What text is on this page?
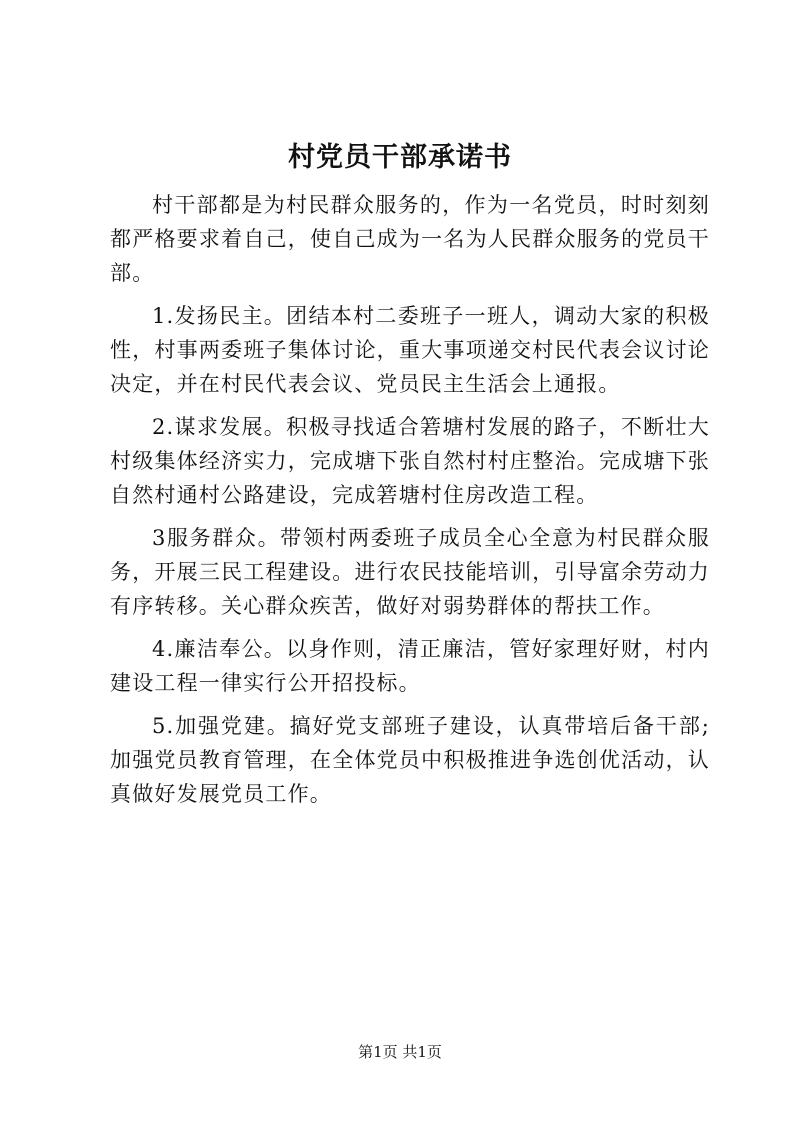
村党员干部承诺书

村干部都是为村民群众服务的，作为一名党员，时时刻刻都严格要求着自己，使自己成为一名为人民群众服务的党员干部。

1.发扬民主。团结本村二委班子一班人，调动大家的积极性，村事两委班子集体讨论，重大事项递交村民代表会议讨论决定，并在村民代表会议、党员民主生活会上通报。

2.谋求发展。积极寻找适合箬塘村发展的路子，不断壮大村级集体经济实力，完成塘下张自然村村庄整治。完成塘下张自然村通村公路建设，完成箬塘村住房改造工程。

3服务群众。带领村两委班子成员全心全意为村民群众服务，开展三民工程建设。进行农民技能培训，引导富余劳动力有序转移。关心群众疾苦，做好对弱势群体的帮扶工作。

4.廉洁奉公。以身作则，清正廉洁，管好家理好财，村内建设工程一律实行公开招投标。

5.加强党建。搞好党支部班子建设，认真带培后备干部;加强党员教育管理，在全体党员中积极推进争选创优活动，认真做好发展党员工作。

第1页 共1页
